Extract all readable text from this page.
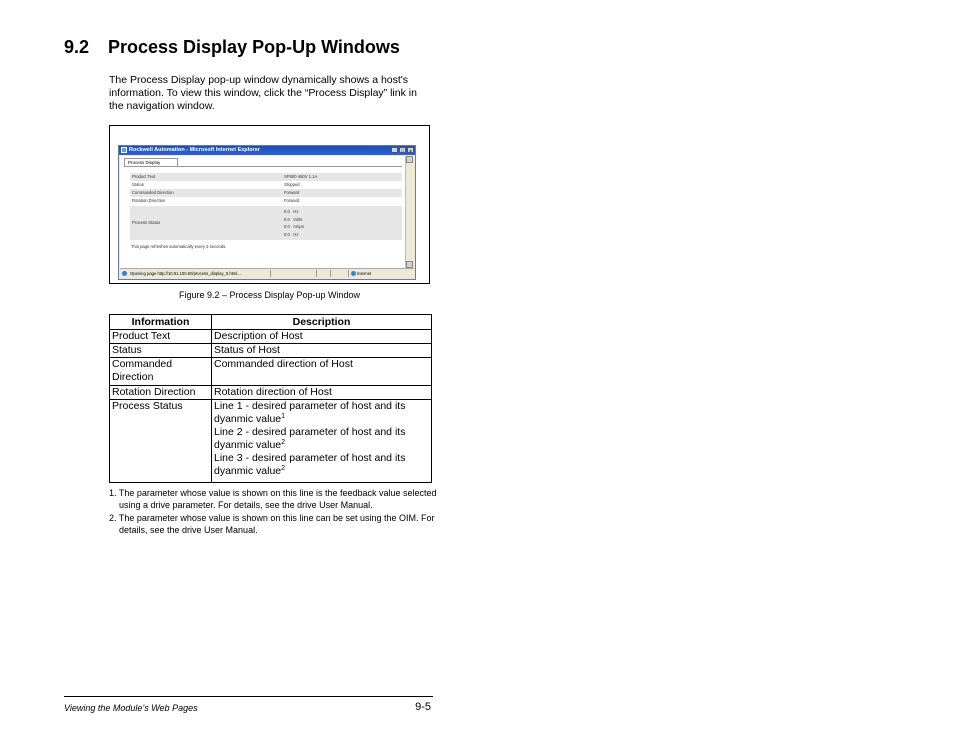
9.2 Process Display Pop-Up Windows
The Process Display pop-up window dynamically shows a host's information. To view this window, click the “Process Display” link in the navigation window.
Rockwell Automation - Microsoft Internet Explorer	_	□	x
Process Display
Product Text	SP600 480V 1.1A
Status	Stopped
Commanded Direction	Forward
Rotation Direction	Forward
Process Status
0.0   Hz
0.0   Volts
0.0   Amps
0.0   Hz
This page refreshes automatically every 3 seconds.
Opening page http://10.91.100.60/process_display_0.html...	Internet
Figure 9.2 – Process Display Pop-up Window
Information	Description
Product Text	Description of Host
Status	Status of Host
Commanded Direction	Commanded direction of Host
Rotation Direction	Rotation direction of Host
Process Status	Line 1 - desired parameter of host and its dyanmic value$^1$
Line 2 - desired parameter of host and its dyanmic value$^2$
Line 3 - desired parameter of host and its dyanmic value$^2$
1. The parameter whose value is shown on this line is the feedback value selected using a drive parameter. For details, see the drive User Manual.
2. The parameter whose value is shown on this line can be set using the OIM. For details, see the drive User Manual.
Viewing the Module’s Web Pages	9-5
